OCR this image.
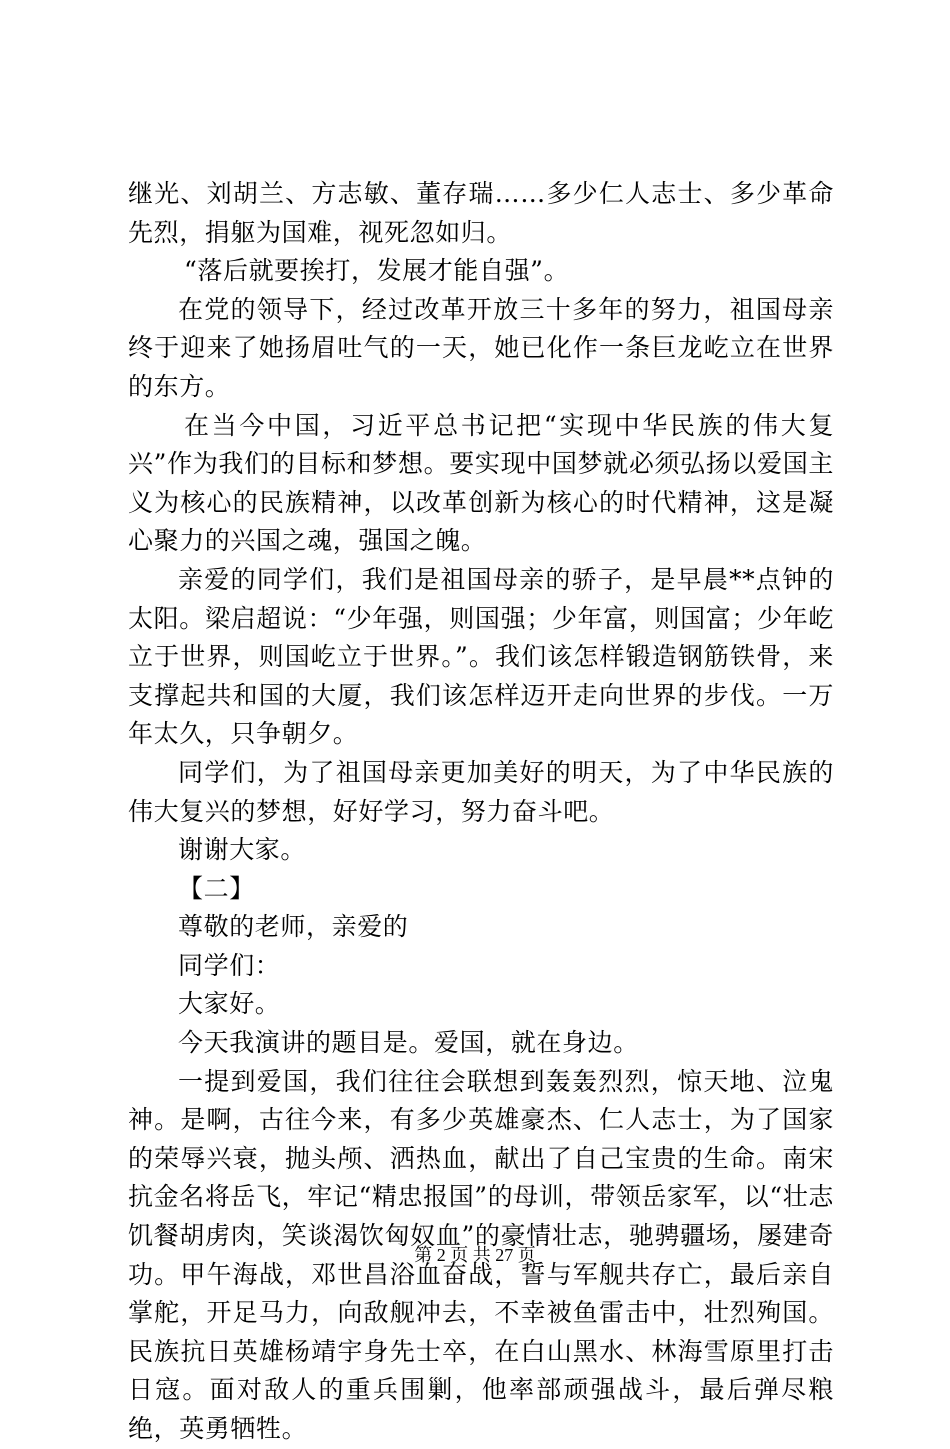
继光、刘胡兰、方志敏、董存瑞……多少仁人志士、多少革命先烈，捐躯为国难，视死忽如归。

“落后就要挨打，发展才能自强”。

在党的领导下，经过改革开放三十多年的努力，祖国母亲终于迎来了她扬眉吐气的一天，她已化作一条巨龙屹立在世界的东方。

在当今中国，习近平总书记把“实现中华民族的伟大复兴”作为我们的目标和梦想。要实现中国梦就必须弘扬以爱国主义为核心的民族精神，以改革创新为核心的时代精神，这是凝心聚力的兴国之魂，强国之魄。

亲爱的同学们，我们是祖国母亲的骄子，是早晨**点钟的太阳。梁启超说：“少年强，则国强；少年富，则国富；少年屹立于世界，则国屹立于世界。”。我们该怎样锻造钢筋铁骨，来支撑起共和国的大厦，我们该怎样迈开走向世界的步伐。一万年太久，只争朝夕。

同学们，为了祖国母亲更加美好的明天，为了中华民族的伟大复兴的梦想，好好学习，努力奋斗吧。

谢谢大家。

【二】

尊敬的老师，亲爱的

同学们：

大家好。

今天我演讲的题目是。爱国，就在身边。

一提到爱国，我们往往会联想到轰轰烈烈，惊天地、泣鬼神。是啊，古往今来，有多少英雄豪杰、仁人志士，为了国家的荣辱兴衰，抛头颅、洒热血，献出了自己宝贵的生命。南宋抗金名将岳飞，牢记“精忠报国”的母训，带领岳家军，以“壮志饥餐胡虏肉，笑谈渴饮匈奴血”的豪情壮志，驰骋疆场，屡建奇功。甲午海战，邓世昌浴血奋战，誓与军舰共存亡，最后亲自掌舵，开足马力，向敌舰冲去，不幸被鱼雷击中，壮烈殉国。民族抗日英雄杨靖宇身先士卒，在白山黑水、林海雪原里打击日寇。面对敌人的重兵围剿，他率部顽强战斗，最后弹尽粮绝，英勇牺牲。

第 2 页 共 27 页
